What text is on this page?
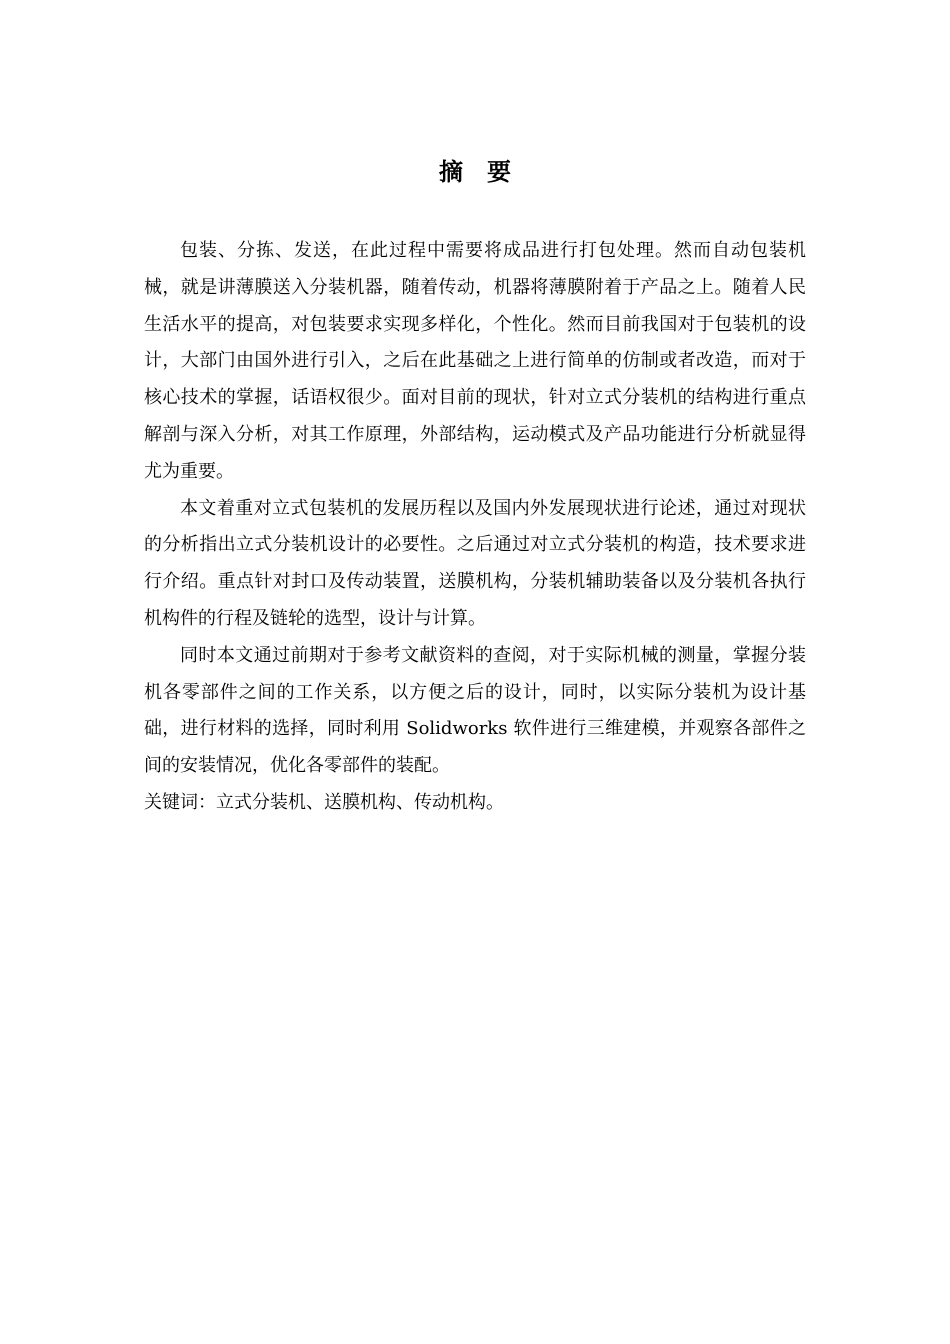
摘 要

包装、分拣、发送，在此过程中需要将成品进行打包处理。然而自动包装机械，就是讲薄膜送入分装机器，随着传动，机器将薄膜附着于产品之上。随着人民生活水平的提高，对包装要求实现多样化，个性化。然而目前我国对于包装机的设计，大部门由国外进行引入，之后在此基础之上进行简单的仿制或者改造，而对于核心技术的掌握，话语权很少。面对目前的现状，针对立式分装机的结构进行重点解剖与深入分析，对其工作原理，外部结构，运动模式及产品功能进行分析就显得尤为重要。

本文着重对立式包装机的发展历程以及国内外发展现状进行论述，通过对现状的分析指出立式分装机设计的必要性。之后通过对立式分装机的构造，技术要求进行介绍。重点针对封口及传动装置，送膜机构，分装机辅助装备以及分装机各执行机构件的行程及链轮的选型，设计与计算。

同时本文通过前期对于参考文献资料的查阅，对于实际机械的测量，掌握分装机各零部件之间的工作关系，以方便之后的设计，同时，以实际分装机为设计基础，进行材料的选择，同时利用 Solidworks 软件进行三维建模，并观察各部件之间的安装情况，优化各零部件的装配。

关键词：立式分装机、送膜机构、传动机构。
